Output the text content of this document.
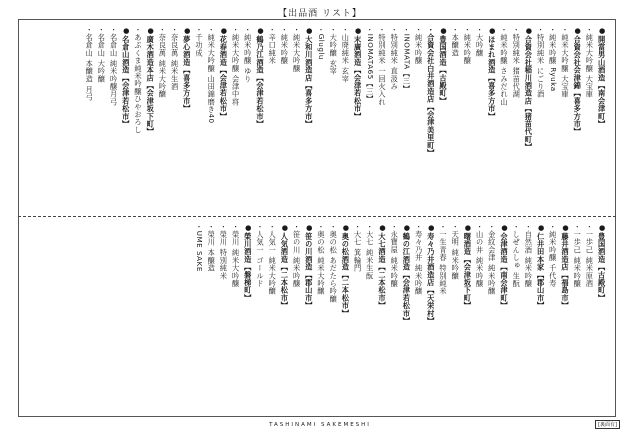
【出品酒 リスト】
●開當男山酒造【南会津町】
・純米大吟醸 大宝庫
●合資会社会津錦【喜多方市】
・純米大吟醸 大宝庫
・純米吟醸 Ryuka
・特別純米 にごり酒
●合資会社稲川酒造店【猪苗代町】
・特別純米 猪苗代湖
・純米吟醸 さみだれ山
●ほまれ酒造【喜多方市】
・大吟醸
・純米吟醸
・本醸造
●豊国酒造【古殿町】
・合資会社白井酒造店【会津美里町】
・純米吟醸
・INOMATA【三】
・特別純米 直汲み
・特別純米 一回火入れ
・INOMATA65【三】
●末廣酒造【会津若松市】
・山廃純米 玄宰
・大吟醸 玄宰
・Gluglu
●大和川酒造店【喜多方市】
・純米大吟醸
・純米吟醸
・辛口純米
●鶴乃江酒造【会津若松市】
・純米吟醸 ゆり
・純米大吟醸 会津中将
●花春酒造【会津若松市】
・純米大吟醸 山田錦磨き40
・千功成
●夢心酒造【喜多方市】
・奈良萬 純米生酒
・奈良萬 純米大吟醸
●廣木酒造本店【会津坂下町】
・あぶくま純米吟醸ひやおろし
●名倉山酒造【会津若松市】
・名倉山 純米吟醸月弓
・名倉山 大吟醸
・名倉山 本醸造 月弓
●豊国酒造【古殿町】
・一歩己 純米原酒
・一歩己 純米吟醸
●藤井酒造店【福島市】
・純米吟醸 千代寿
●仁井田本家【郡山市】
・自然酒 純米吟醸
・しぜんしゅ 生酛
●会津酒造【南会津町】
・金紋会津 純米吟醸
・山の井 純米吟醸
●曙酒造【会津坂下町】
・天明 純米吟醸
・一生青春 特別純米
●寿々乃井酒造店【天栄村】
・寿々乃井 純米吟醸
●鶴の江酒造【会津若松市】
・永寶屋 純米吟醸
●大七酒造【二本松市】
・大七 純米生酛
・大七 箕輪門
●奥の松酒造【二本松市】
・奥の松 あだたら吟醸
・奥の松 純米大吟醸
●笹の川酒造【郡山市】
・笹の川 純米吟醸
●人気酒造【二本松市】
・人気一 純米大吟醸
・人気一 ゴールド
●榮川酒造【磐梯町】
・榮川 純米大吟醸
・榮川 特別純米
・榮川 本醸造
・UME SAKE
TASHINAMI SAKEMESHI	[裏面有]
